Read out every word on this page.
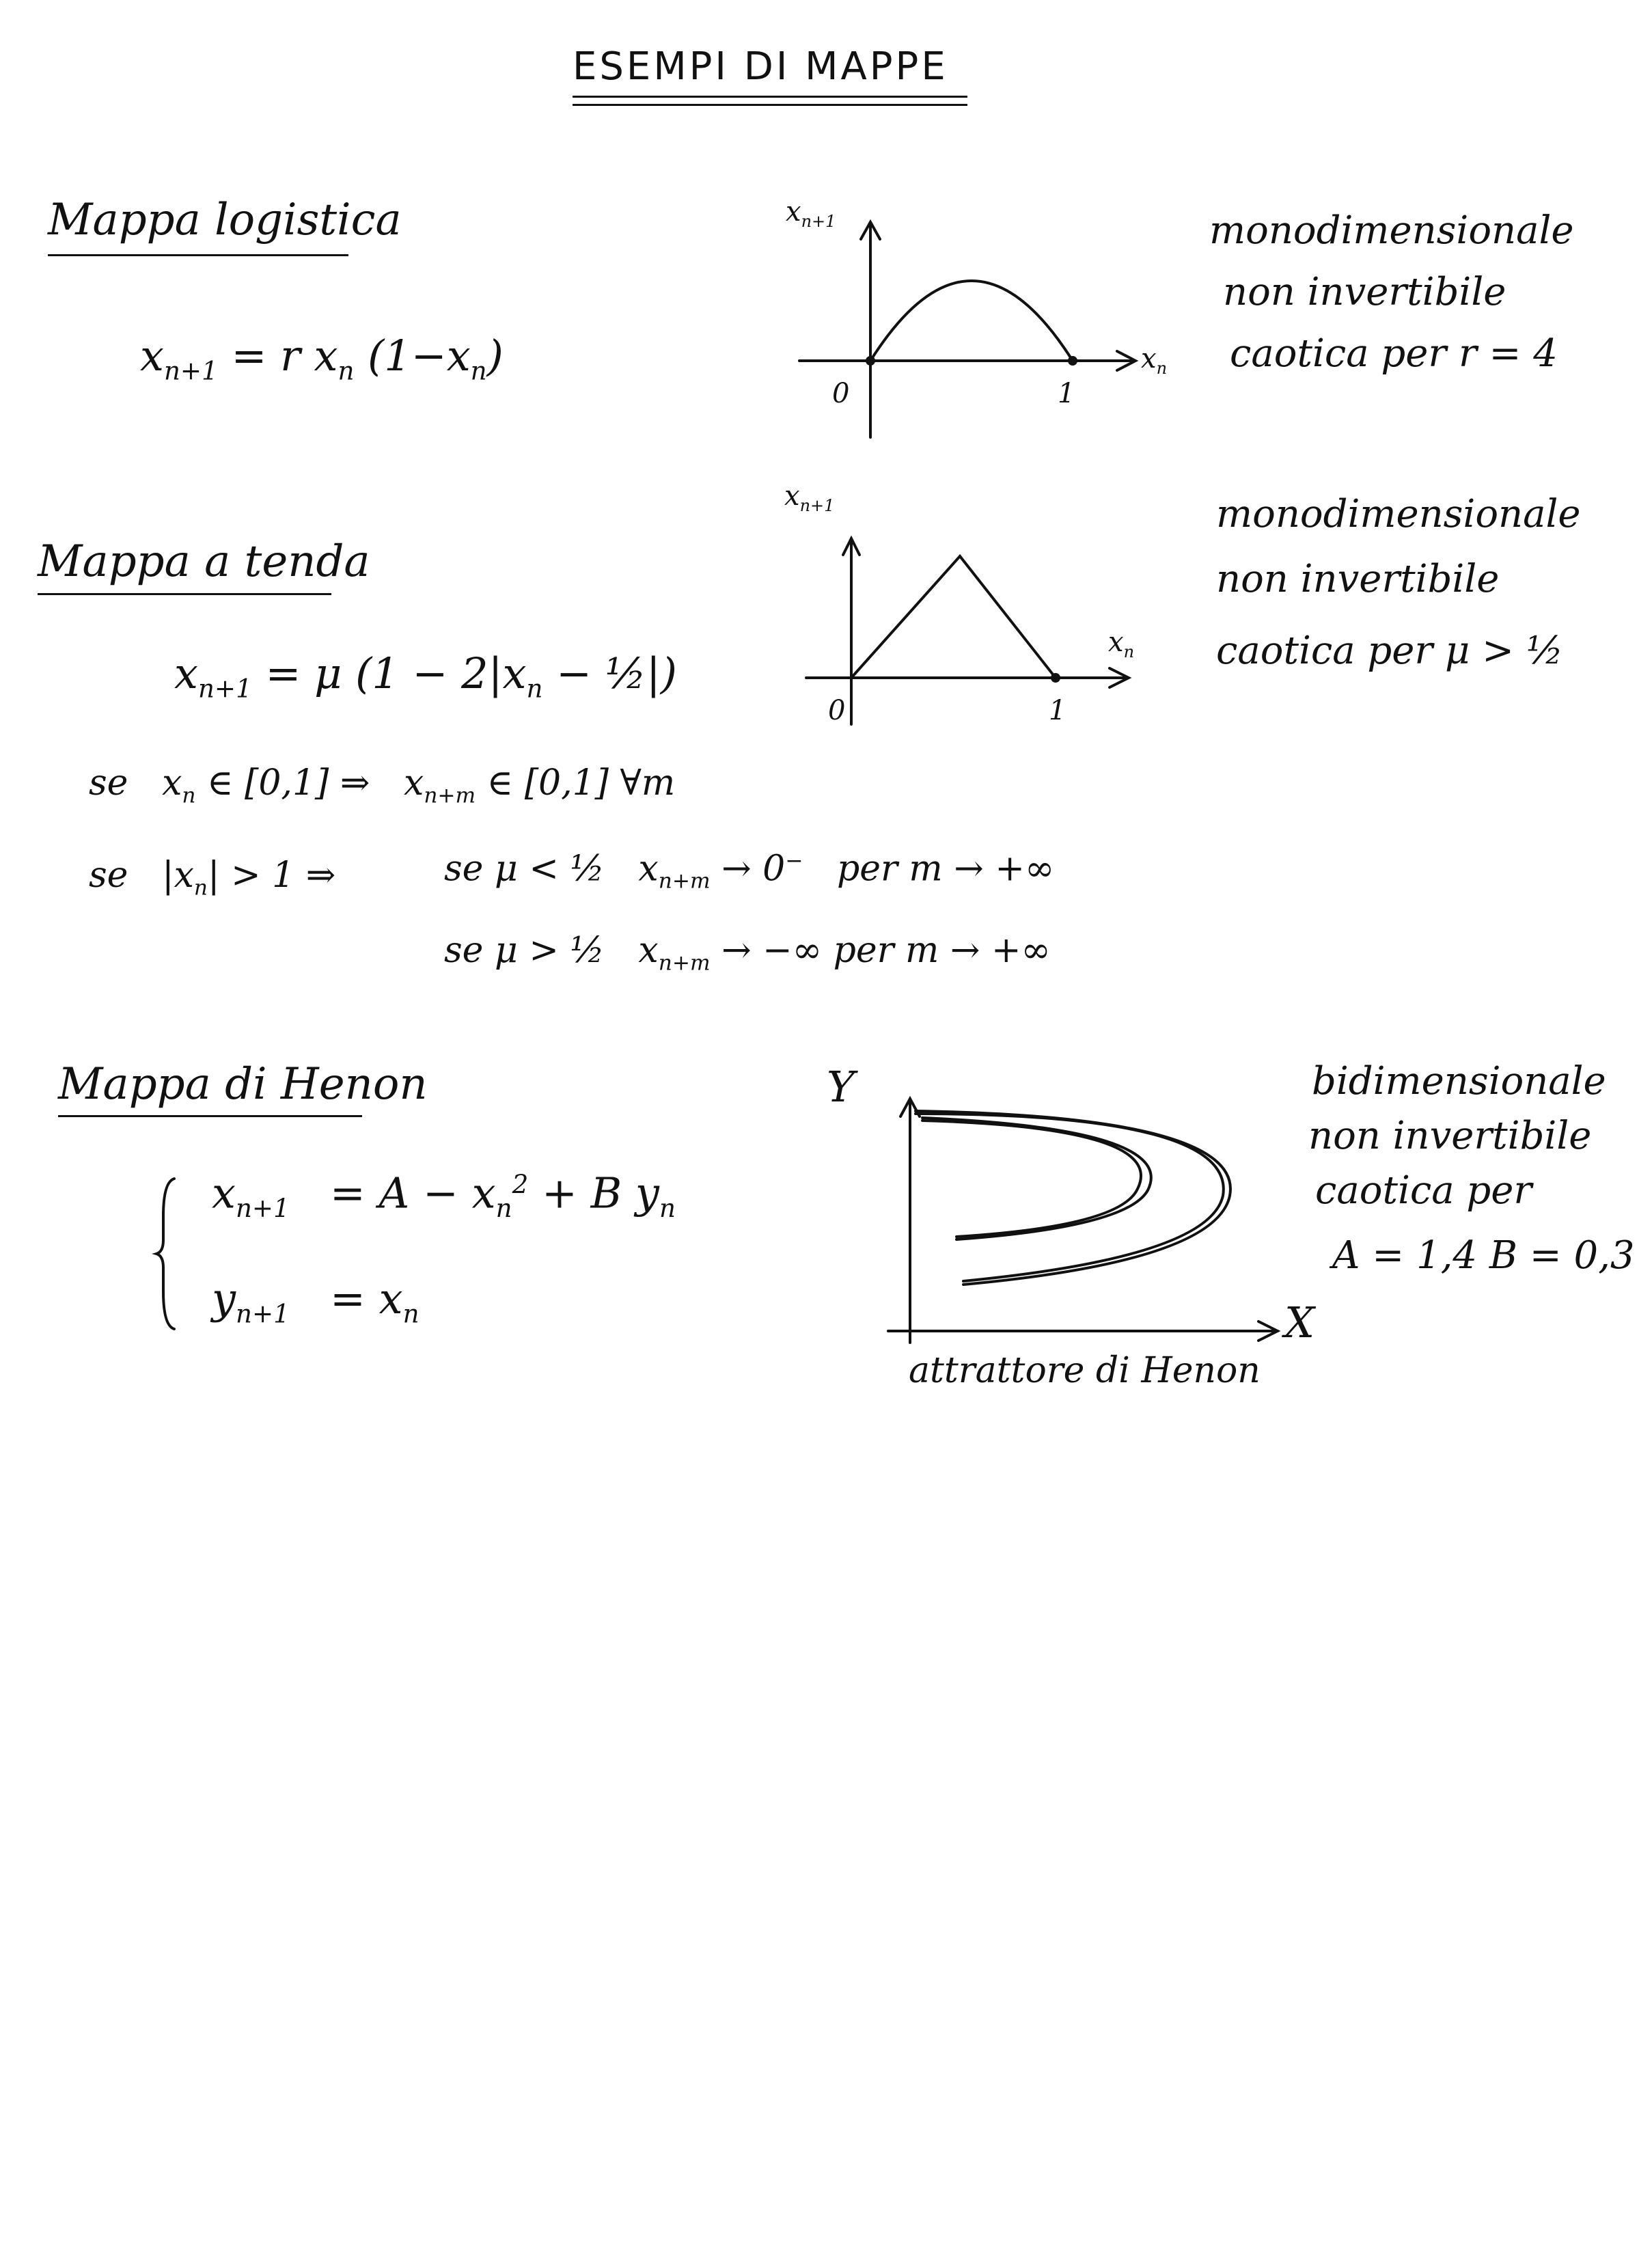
ESEMPI DI MAPPE
Mappa logistica
$x_{n+1} = r$ $x_n$ $(1-x_n)$
$x_{n+1}$
$x_n$
0	1
monodimensionale
non invertibile
caotica per r = 4
Mappa a tenda
$x_{n+1} = \mu$ ($1 - 2|x_n$ − ½|)
$x_{n+1}$
$x_n$
0	1
monodimensionale
non invertibile
caotica per μ > ½
se $x_n$ ∈ [0,1] ⇒ $x_{n+m}$ ∈ [0,1] ∀m
se $|x_n| > 1$ ⇒	se μ < ½ $x_{n+m} \to 0^-$ per m → +∞
se μ > ½ $x_{n+m}$ → −∞ per m → +∞
Mappa di Henon
$x_{n+1} = A - x_n^2 + B$ $y_n$
$y_{n+1} = x_n$
Y
X
attrattore di Henon
bidimensionale
non invertibile
caotica per
A = 1,4 B = 0,3
